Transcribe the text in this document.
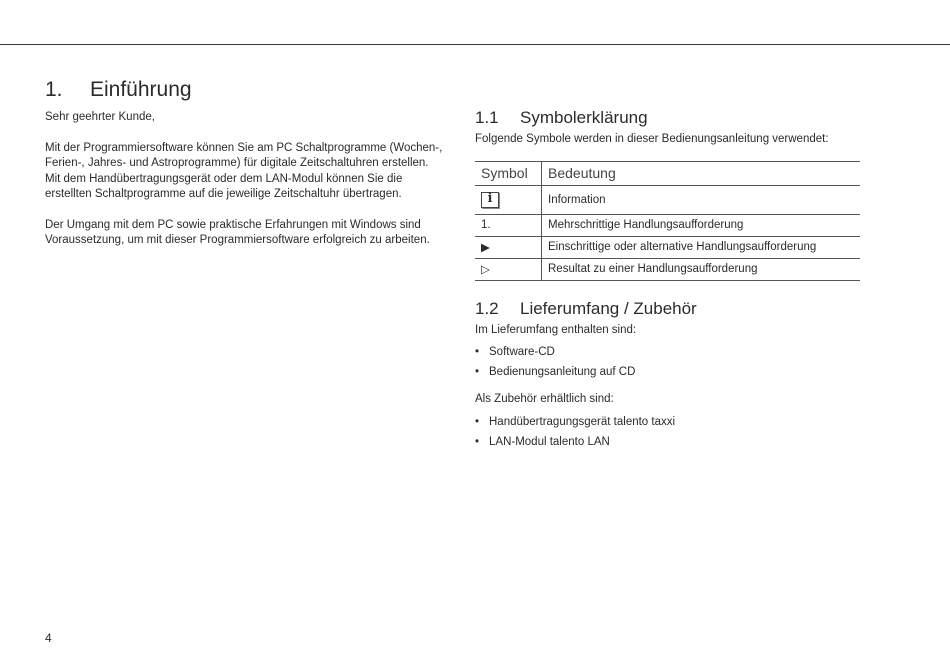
1.	Einführung

Sehr geehrter Kunde,

Mit der Programmiersoftware können Sie am PC Schaltprogramme (Wochen-, Ferien-, Jahres- und Astroprogramme) für digitale Zeitschaltuhren erstellen. Mit dem Handübertragungsgerät oder dem LAN-Modul können Sie die erstellten Schaltprogramme auf die jeweilige Zeitschaltuhr übertragen.

Der Umgang mit dem PC sowie praktische Erfahrungen mit Windows sind Voraussetzung, um mit dieser Programmiersoftware erfolgreich zu arbeiten.

1.1	Symbolerklärung

Folgende Symbole werden in dieser Bedienungsanleitung verwendet:

Symbol	Bedeutung
i	Information
1.	Mehrschrittige Handlungsaufforderung
▶	Einschrittige oder alternative Handlungsaufforderung
▷	Resultat zu einer Handlungsaufforderung
1.2	Lieferumfang / Zubehör

Im Lieferumfang enthalten sind:

• Software-CD
• Bedienungsanleitung auf CD

Als Zubehör erhältlich sind:

• Handübertragungsgerät talento taxxi
• LAN-Modul talento LAN
4
